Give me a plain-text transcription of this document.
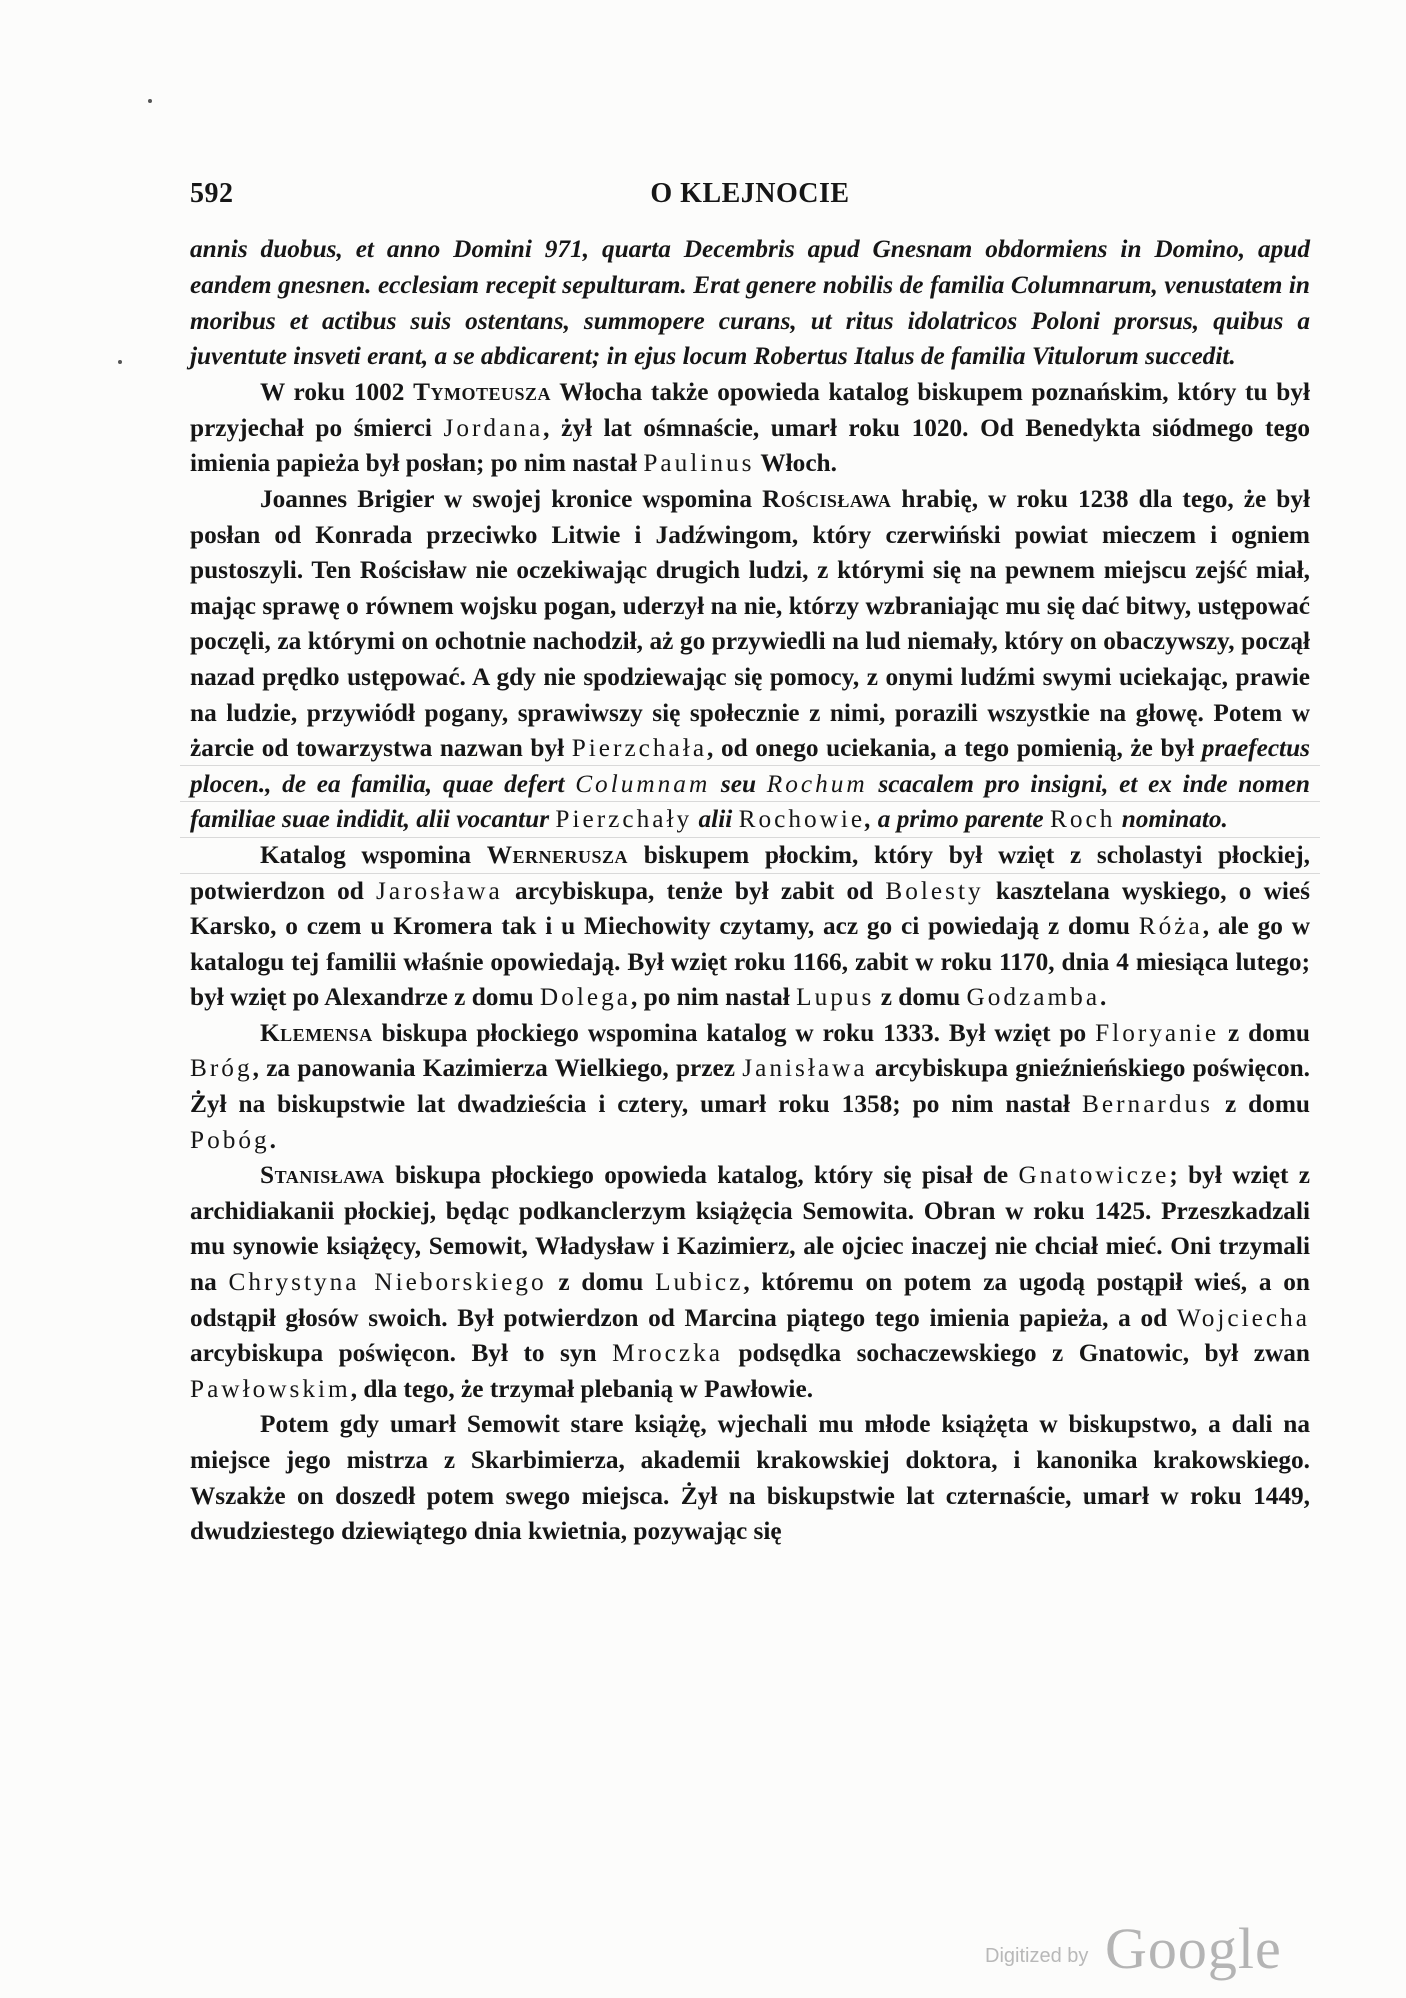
592	O KLEJNOCIE

annis duobus, et anno Domini 971, quarta Decembris apud Gnesnam obdormiens in Domino, apud eandem gnesnen. ecclesiam recepit sepulturam. Erat genere nobilis de familia Columnarum, venustatem in moribus et actibus suis ostentans, summopere curans, ut ritus idolatricos Poloni prorsus, quibus a juventute insveti erant, a se abdicarent; in ejus locum Robertus Italus de familia Vitulorum succedit.

W roku 1002 Tymoteusza Włocha także opowieda katalog biskupem poznańskim, który tu był przyjechał po śmierci Jordana, żył lat ośmnaście, umarł roku 1020. Od Benedykta siódmego tego imienia papieża był posłan; po nim nastał Paulinus Włoch.

Joannes Brigier w swojej kronice wspomina Rościsława hrabię, w roku 1238 dla tego, że był posłan od Konrada przeciwko Litwie i Jadźwingom, który czerwiński powiat mieczem i ogniem pustoszyli. Ten Rościsław nie oczekiwając drugich ludzi, z którymi się na pewnem miejscu zejść miał, mając sprawę o równem wojsku pogan, uderzył na nie, którzy wzbraniając mu się dać bitwy, ustępować poczęli, za którymi on ochotnie nachodził, aż go przywiedli na lud niemały, który on obaczywszy, począł nazad prędko ustępować. A gdy nie spodziewając się pomocy, z onymi ludźmi swymi uciekając, prawie na ludzie, przywiódł pogany, sprawiwszy się społecznie z nimi, porazili wszystkie na głowę. Potem w żarcie od towarzystwa nazwan był Pierzchała, od onego uciekania, a tego pomienią, że był praefectus plocen., de ea familia, quae defert Columnam seu Rochum scacalem pro insigni, et ex inde nomen familiae suae indidit, alii vocantur Pierzchały alii Rochowie, a primo parente Roch nominato.

Katalog wspomina Wernerusza biskupem płockim, który był wzięt z scholastyi płockiej, potwierdzon od Jarosława arcybiskupa, tenże był zabit od Bolesty kasztelana wyskiego, o wieś Karsko, o czem u Kromera tak i u Miechowity czytamy, acz go ci powiedają z domu Róża, ale go w katalogu tej familii właśnie opowiedają. Był wzięt roku 1166, zabit w roku 1170, dnia 4 miesiąca lutego; był wzięt po Alexandrze z domu Dolega, po nim nastał Lupus z domu Godzamba.

Klemensa biskupa płockiego wspomina katalog w roku 1333. Był wzięt po Floryanie z domu Bróg, za panowania Kazimierza Wielkiego, przez Janisława arcybiskupa gnieźnieńskiego poświęcon. Żył na biskupstwie lat dwadzieścia i cztery, umarł roku 1358; po nim nastał Bernardus z domu Pobóg.

Stanisława biskupa płockiego opowieda katalog, który się pisał de Gnatowicze; był wzięt z archidiakanii płockiej, będąc podkanclerzym książęcia Semowita. Obran w roku 1425. Przeszkadzali mu synowie książęcy, Semowit, Władysław i Kazimierz, ale ojciec inaczej nie chciał mieć. Oni trzymali na Chrystyna Nieborskiego z domu Lubicz, któremu on potem za ugodą postąpił wieś, a on odstąpił głosów swoich. Był potwierdzon od Marcina piątego tego imienia papieża, a od Wojciecha arcybiskupa poświęcon. Był to syn Mroczka podsędka sochaczewskiego z Gnatowic, był zwan Pawłowskim, dla tego, że trzymał plebanią w Pawłowie.

Potem gdy umarł Semowit stare książę, wjechali mu młode książęta w biskupstwo, a dali na miejsce jego mistrza z Skarbimierza, akademii krakowskiej doktora, i kanonika krakowskiego. Wszakże on doszedł potem swego miejsca. Żył na biskupstwie lat czternaście, umarł w roku 1449, dwudziestego dziewiątego dnia kwietnia, pozywając się

Digitized by Google
